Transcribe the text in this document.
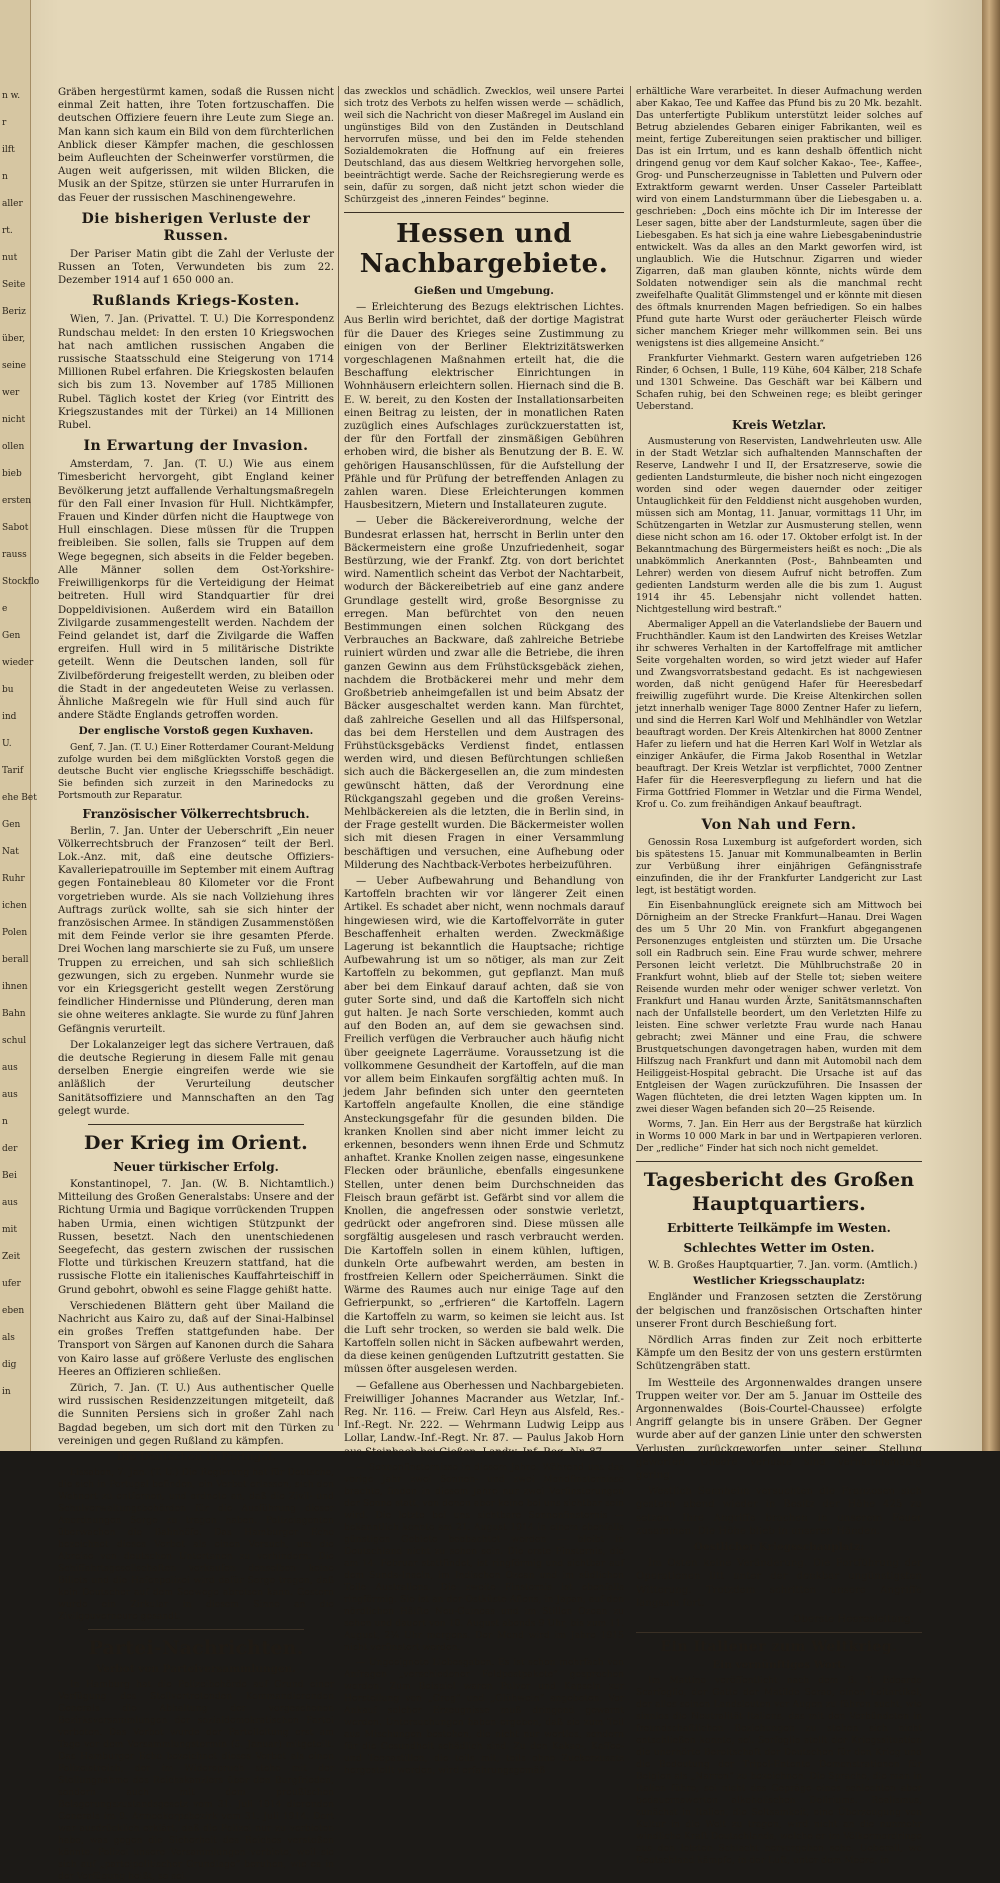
n w.
r
ilft
n
aller
rt.
nut
Seite
Beriz
über,
seine
wer
nicht
ollen
bieb
ersten
Sabot
rauss
Stockflo
e
Gen
wieder
bu
ind
U.
Tarif
ehe Bet
Gen
Nat
Ruhr
ichen
Polen
berall
ihnen
Bahn
schul
aus
aus
n
der
Bei
aus
mit
Zeit
ufer
eben
als
dig
in

Gräben hergestürmt kamen, sodaß die Russen nicht einmal Zeit hatten, ihre Toten fortzuschaffen. Die deutschen Offiziere feuern ihre Leute zum Siege an. Man kann sich kaum ein Bild von dem fürchterlichen Anblick dieser Kämpfer machen, die geschlossen beim Aufleuchten der Scheinwerfer vorstürmen, die Augen weit aufgerissen, mit wilden Blicken, die Musik an der Spitze, stürzen sie unter Hurrarufen in das Feuer der russischen Maschinengewehre.

Die bisherigen Verluste der Russen.

Der Pariser Matin gibt die Zahl der Verluste der Russen an Toten, Verwundeten bis zum 22. Dezember 1914 auf 1 650 000 an.

Rußlands Kriegs-Kosten.

Wien, 7. Jan. (Privattel. T. U.) Die Korrespondenz Rundschau meldet: In den ersten 10 Kriegswochen hat nach amtlichen russischen Angaben die russische Staatsschuld eine Steigerung von 1714 Millionen Rubel erfahren. Die Kriegskosten belaufen sich bis zum 13. November auf 1785 Millionen Rubel. Täglich kostet der Krieg (vor Eintritt des Kriegszustandes mit der Türkei) an 14 Millionen Rubel.

In Erwartung der Invasion.

Amsterdam, 7. Jan. (T. U.) Wie aus einem Timesbericht hervorgeht, gibt England keiner Bevölkerung jetzt auffallende Verhaltungsmaßregeln für den Fall einer Invasion für Hull. Nichtkämpfer, Frauen und Kinder dürfen nicht die Hauptwege von Hull einschlagen. Diese müssen für die Truppen freibleiben. Sie sollen, falls sie Truppen auf dem Wege begegnen, sich abseits in die Felder begeben. Alle Männer sollen dem Ost-Yorkshire-Freiwilligenkorps für die Verteidigung der Heimat beitreten. Hull wird Standquartier für drei Doppeldivisionen. Außerdem wird ein Bataillon Zivilgarde zusammengestellt werden. Nachdem der Feind gelandet ist, darf die Zivilgarde die Waffen ergreifen. Hull wird in 5 militärische Distrikte geteilt. Wenn die Deutschen landen, soll für Zivilbeförderung freigestellt werden, zu bleiben oder die Stadt in der angedeuteten Weise zu verlassen. Ähnliche Maßregeln wie für Hull sind auch für andere Städte Englands getroffen worden.

Der englische Vorstoß gegen Kuxhaven.

Genf, 7. Jan. (T. U.) Einer Rotterdamer Courant-Meldung zufolge wurden bei dem mißglückten Vorstoß gegen die deutsche Bucht vier englische Kriegsschiffe beschädigt. Sie befinden sich zurzeit in den Marinedocks zu Portsmouth zur Reparatur.

Französischer Völkerrechtsbruch.

Berlin, 7. Jan. Unter der Ueberschrift „Ein neuer Völkerrechtsbruch der Franzosen“ teilt der Berl. Lok.-Anz. mit, daß eine deutsche Offiziers-Kavalleriepatrouille im September mit einem Auftrag gegen Fontainebleau 80 Kilometer vor die Front vorgetrieben wurde. Als sie nach Vollziehung ihres Auftrags zurück wollte, sah sie sich hinter der französischen Armee. In ständigen Zusammenstößen mit dem Feinde verlor sie ihre gesamten Pferde. Drei Wochen lang marschierte sie zu Fuß, um unsere Truppen zu erreichen, und sah sich schließlich gezwungen, sich zu ergeben. Nunmehr wurde sie vor ein Kriegsgericht gestellt wegen Zerstörung feindlicher Hindernisse und Plünderung, deren man sie ohne weiteres anklagte. Sie wurde zu fünf Jahren Gefängnis verurteilt.

Der Lokalanzeiger legt das sichere Vertrauen, daß die deutsche Regierung in diesem Falle mit genau derselben Energie eingreifen werde wie sie anläßlich der Verurteilung deutscher Sanitätsoffiziere und Mannschaften an den Tag gelegt wurde.

Der Krieg im Orient.
Neuer türkischer Erfolg.

Konstantinopel, 7. Jan. (W. B. Nichtamtlich.) Mitteilung des Großen Generalstabs: Unsere and der Richtung Urmia und Bagique vorrückenden Truppen haben Urmia, einen wichtigen Stützpunkt der Russen, besetzt. Nach den unentschiedenen Seegefecht, das gestern zwischen der russischen Flotte und türkischen Kreuzern stattfand, hat die russische Flotte ein italienisches Kauffahrteischiff in Grund gebohrt, obwohl es seine Flagge gehißt hatte.

Verschiedenen Blättern geht über Mailand die Nachricht aus Kairo zu, daß auf der Sinai-Halbinsel ein großes Treffen stattgefunden habe. Der Transport von Särgen auf Kanonen durch die Sahara von Kairo lasse auf größere Verluste des englischen Heeres an Offizieren schließen.

Zürich, 7. Jan. (T. U.) Aus authentischer Quelle wird russischen Residenzzeitungen mitgeteilt, daß die Sunniten Persiens sich in großer Zahl nach Bagdad begeben, um sich dort mit den Türken zu vereinigen und gegen Rußland zu kämpfen.

Die Deutschen in Portugal.

Lissabon, 7. Jan. (T. U.) Die Regierung hat für Deutsche, die sich in Portugal befinden, ein Verbot erlassen, sich den Wohnort zu entfernen, und ordnete an, daß die Zivil- und Schulverwaltungsbehörden für die Ausführung dieser Anordnungen Sorge zu tragen haben. Polizeiagenten überwachen die Bahnhöfe. Das Hamburger Echo bezeichnet dieses Verbot als einen Versuch, um die Abreise von deutschen Untertanen zu verhindern. Die Schiffahrtsgesellschaften verkaufen denselben keine Billets und die Hafenpolizei wird dafür Sorge tragen, daß kein Deutscher auf dem Seewege abreisen kann. Gestern wurde ein Zirkular in diesem Sinne an die Zivilgouverneure gesandt.

Partei-Nachrichten.
Verbot von Parteiversammlungen.

In Hamburg hat die Polizeibehörde auf Grund einer Verfügung des Stellvertretenden Kommandierenden Generals die Abhaltung der vorgesehenen Bezirksversammlungen der sozialdemokratischen Partei verboten. Das Verbot wurde der Parteileitung erst am Tage vor dem Versammlungstermin (5. Januar) mitgeteilt. Das Hamburger Echo bezeichnet dieses Verbot als einen Polizeistreich, der im Widerspruch stehe mit der Stellungnahme des Reichskanzlers über den Burgfrieden, sondern auch mit dem preußischen Belagerungszustandsgesetz vom 31. Juli 1914 dierenden Generals im 9. Armeekorpsbezirk vom 31. Juli 1914. Dort war ausdrücklich erklärt, daß die Polizei nur zu verbieten habe, was gegen die Sicherheit des Reiches verstoßen könnte. Polizei unsere Versammlungen verbiete, weil sie sich auf „parteipolitischer Grundlage“ beruhen, wie es in der Verfügung heißt, so sei.

das zwecklos und schädlich. Zwecklos, weil unsere Partei sich trotz des Verbots zu helfen wissen werde — schädlich, weil sich die Nachricht von dieser Maßregel im Ausland ein ungünstiges Bild von den Zuständen in Deutschland hervorrufen müsse, und bei den im Felde stehenden Sozialdemokraten die Hoffnung auf ein freieres Deutschland, das aus diesem Weltkrieg hervorgehen solle, beeinträchtigt werde. Sache der Reichsregierung werde es sein, dafür zu sorgen, daß nicht jetzt schon wieder die Schürzgeist des „inneren Feindes“ beginne.

Hessen und Nachbargebiete.
Gießen und Umgebung.

— Erleichterung des Bezugs elektrischen Lichtes. Aus Berlin wird berichtet, daß der dortige Magistrat für die Dauer des Krieges seine Zustimmung zu einigen von der Berliner Elektrizitätswerken vorgeschlagenen Maßnahmen erteilt hat, die die Beschaffung elektrischer Einrichtungen in Wohnhäusern erleichtern sollen. Hiernach sind die B. E. W. bereit, zu den Kosten der Installationsarbeiten einen Beitrag zu leisten, der in monatlichen Raten zuzüglich eines Aufschlages zurückzuerstatten ist, der für den Fortfall der zinsmäßigen Gebühren erhoben wird, die bisher als Benutzung der B. E. W. gehörigen Hausanschlüssen, für die Aufstellung der Pfähle und für Prüfung der betreffenden Anlagen zu zahlen waren. Diese Erleichterungen kommen Hausbesitzern, Mietern und Installateuren zugute.

— Ueber die Bäckereiverordnung, welche der Bundesrat erlassen hat, herrscht in Berlin unter den Bäckermeistern eine große Unzufriedenheit, sogar Bestürzung, wie der Frankf. Ztg. von dort berichtet wird. Namentlich scheint das Verbot der Nachtarbeit, wodurch der Bäckereibetrieb auf eine ganz andere Grundlage gestellt wird, große Besorgnisse zu erregen. Man befürchtet von den neuen Bestimmungen einen solchen Rückgang des Verbrauches an Backware, daß zahlreiche Betriebe ruiniert würden und zwar alle die Betriebe, die ihren ganzen Gewinn aus dem Frühstücksgebäck ziehen, nachdem die Brotbäckerei mehr und mehr dem Großbetrieb anheimgefallen ist und beim Absatz der Bäcker ausgeschaltet werden kann. Man fürchtet, daß zahlreiche Gesellen und all das Hilfspersonal, das bei dem Herstellen und dem Austragen des Frühstücksgebäcks Verdienst findet, entlassen werden wird, und diesen Befürchtungen schließen sich auch die Bäckergesellen an, die zum mindesten gewünscht hätten, daß der Verordnung eine Rückgangszahl gegeben und die großen Vereins- Mehlbäckereien als die letzten, die in Berlin sind, in der Frage gestellt wurden. Die Bäckermeister wollen sich mit diesen Fragen in einer Versammlung beschäftigen und versuchen, eine Aufhebung oder Milderung des Nachtback-Verbotes herbeizuführen.

— Ueber Aufbewahrung und Behandlung von Kartoffeln brachten wir vor längerer Zeit einen Artikel. Es schadet aber nicht, wenn nochmals darauf hingewiesen wird, wie die Kartoffelvorräte in guter Beschaffenheit erhalten werden. Zweckmäßige Lagerung ist bekanntlich die Hauptsache; richtige Aufbewahrung ist um so nötiger, als man zur Zeit Kartoffeln zu bekommen, gut gepflanzt. Man muß aber bei dem Einkauf darauf achten, daß sie von guter Sorte sind, und daß die Kartoffeln sich nicht gut halten. Je nach Sorte verschieden, kommt auch auf den Boden an, auf dem sie gewachsen sind. Freilich verfügen die Verbraucher auch häufig nicht über geeignete Lagerräume. Voraussetzung ist die vollkommene Gesundheit der Kartoffeln, auf die man vor allem beim Einkaufen sorgfältig achten muß. In jedem Jahr befinden sich unter den geernteten Kartoffeln angefaulte Knollen, die eine ständige Ansteckungsgefahr für die gesunden bilden. Die kranken Knollen sind aber nicht immer leicht zu erkennen, besonders wenn ihnen Erde und Schmutz anhaftet. Kranke Knollen zeigen nasse, eingesunkene Flecken oder bräunliche, ebenfalls eingesunkene Stellen, unter denen beim Durchschneiden das Fleisch braun gefärbt ist. Gefärbt sind vor allem die Knollen, die angefressen oder sonstwie verletzt, gedrückt oder angefroren sind. Diese müssen alle sorgfältig ausgelesen und rasch verbraucht werden. Die Kartoffeln sollen in einem kühlen, luftigen, dunkeln Orte aufbewahrt werden, am besten in frostfreien Kellern oder Speicherräumen. Sinkt die Wärme des Raumes auch nur einige Tage auf den Gefrierpunkt, so „erfrieren“ die Kartoffeln. Lagern die Kartoffeln zu warm, so keimen sie leicht aus. Ist die Luft sehr trocken, so werden sie bald welk. Die Kartoffeln sollen nicht in Säcken aufbewahrt werden, da diese keinen genügenden Luftzutritt gestatten. Sie müssen öfter ausgelesen werden.

— Gefallene aus Oberhessen und Nachbargebieten. Freiwilliger Johannes Macrander aus Wetzlar, Inf.-Reg. Nr. 116. — Freiw. Carl Heyn aus Alsfeld, Res.-Inf.-Regt. Nr. 222. — Wehrmann Ludwig Leipp aus Lollar, Landw.-Inf.-Regt. Nr. 87. — Paulus Jakob Horn aus Steinbach bei Gießen, Landw.-Inf.-Reg. Nr. 87.

— Sonnenfinsternisse in diesem Jahre. Während uns das vorige Jahr zwei Sonnen- und zwei Mondfinsternisse brachte, finden in diesem Jahre nur zwei Verfinsterungen der Sonne statt, von denen aber keine bei uns sichtbar sein wird. Die letzte bei uns sichtbare Sonnenfinsternis — bekanntlich konnte am 21. August 1914 in einem ebenfalls günstigen Gebiete beobachtet werden — bleibt in Deutschland nicht zu sehen sein. Die erste Finsternis, die am 14. Februar stattfindet, ist ringförmig und sichtbar auf dem Sunda-Inseln, im Indischen Ozean und im südlichen Teile Australiens. Die zweite Finsternis ist ebenfalls ringförmig. Sie ist an der Ostküste Afiens, in Japan, auf den nördlichen Hälfte Neu-Guineas und im Stillen Ozean zu sehen und dauert von 10. August abends 9 Uhr, bis zum 11. August, 2¾ Uhr morgens. Der Mond wird im Jahre 1915 nicht verfinstert werden.

— Ungeeignete Liebesgaben. Es ist schon mehrfach von Anfragen „verschiedener Feldpostpakete“ gesprochen worden. Zum Beispiel waren Pulver und Kapseln zur Herstellung von „Grog“ und „Glühwein“ angeboten. Vor Ankauf solcher Erzeugnisse muß dringend gewarnt werden. Untersuchungen haben ergeben, daß sie zum Teil aus Mischungen bestehen, die nicht nur wertlos, sondern für die Gesundheit schädlich sind. Zu den Kakao-, Kaffee- und Teepastillen, die teils mit, teils ohne Zuckerzusatz hergestellt werden, wird erfahrungsgemäß

erhältliche Ware verarbeitet. In dieser Aufmachung werden aber Kakao, Tee und Kaffee das Pfund bis zu 20 Mk. bezahlt. Das unterfertigte Publikum unterstützt leider solches auf Betrug abzielendes Gebaren einiger Fabrikanten, weil es meint, fertige Zubereitungen seien praktischer und billiger. Das ist ein Irrtum, und es kann deshalb öffentlich nicht dringend genug vor dem Kauf solcher Kakao-, Tee-, Kaffee-, Grog- und Punscherzeugnisse in Tabletten und Pulvern oder Extraktform gewarnt werden. Unser Casseler Parteiblatt wird von einem Landsturmmann über die Liebesgaben u. a. geschrieben: „Doch eins möchte ich Dir im Interesse der Leser sagen, bitte aber der Landsturmleute, sagen über die Liebesgaben. Es hat sich ja eine wahre Liebesgabenindustrie entwickelt. Was da alles an den Markt geworfen wird, ist unglaublich. Wie die Hutschnur. Zigarren und wieder Zigarren, daß man glauben könnte, nichts würde dem Soldaten notwendiger sein als die manchmal recht zweifelhafte Qualität Glimmstengel und er könnte mit diesen des öftmals knurrenden Magen befriedigen. So ein halbes Pfund gute harte Wurst oder geräucherter Fleisch würde sicher manchem Krieger mehr willkommen sein. Bei uns wenigstens ist dies allgemeine Ansicht.“

Frankfurter Viehmarkt. Gestern waren aufgetrieben 126 Rinder, 6 Ochsen, 1 Bulle, 119 Kühe, 604 Kälber, 218 Schafe und 1301 Schweine. Das Geschäft war bei Kälbern und Schafen ruhig, bei den Schweinen rege; es bleibt geringer Ueberstand.

Kreis Wetzlar.

Ausmusterung von Reservisten, Landwehrleuten usw. Alle in der Stadt Wetzlar sich aufhaltenden Mannschaften der Reserve, Landwehr I und II, der Ersatzreserve, sowie die gedienten Landsturmleute, die bisher noch nicht eingezogen worden sind oder wegen dauernder oder zeitiger Untauglichkeit für den Felddienst nicht ausgehoben wurden, müssen sich am Montag, 11. Januar, vormittags 11 Uhr, im Schützengarten in Wetzlar zur Ausmusterung stellen, wenn diese nicht schon am 16. oder 17. Oktober erfolgt ist. In der Bekanntmachung des Bürgermeisters heißt es noch: „Die als unabkömmlich Anerkannten (Post-, Bahnbeamten und Lehrer) werden von diesem Aufruf nicht betroffen. Zum gedienten Landsturm werden alle die bis zum 1. August 1914 ihr 45. Lebensjahr nicht vollendet hatten. Nichtgestellung wird bestraft.“

Abermaliger Appell an die Vaterlandsliebe der Bauern und Fruchthändler. Kaum ist den Landwirten des Kreises Wetzlar ihr schweres Verhalten in der Kartoffelfrage mit amtlicher Seite vorgehalten worden, so wird jetzt wieder auf Hafer und Zwangsvorratsbestand gedacht. Es ist nachgewiesen worden, daß nicht genügend Hafer für Heeresbedarf freiwillig zugeführt wurde. Die Kreise Altenkirchen sollen jetzt innerhalb weniger Tage 8000 Zentner Hafer zu liefern, und sind die Herren Karl Wolf und Mehlhändler von Wetzlar beauftragt worden. Der Kreis Altenkirchen hat 8000 Zentner Hafer zu liefern und hat die Herren Karl Wolf in Wetzlar als einziger Ankäufer, die Firma Jakob Rosenthal in Wetzlar beauftragt. Der Kreis Wetzlar ist verpflichtet, 7000 Zentner Hafer für die Heeresverpflegung zu liefern und hat die Firma Gottfried Flommer in Wetzlar und die Firma Wendel, Krof u. Co. zum freihändigen Ankauf beauftragt.

Von Nah und Fern.

Genossin Rosa Luxemburg ist aufgefordert worden, sich bis spätestens 15. Januar mit Kommunalbeamten in Berlin zur Verbüßung ihrer einjährigen Gefängnisstrafe einzufinden, die ihr der Frankfurter Landgericht zur Last legt, ist bestätigt worden.

Ein Eisenbahnunglück ereignete sich am Mittwoch bei Dörnigheim an der Strecke Frankfurt—Hanau. Drei Wagen des um 5 Uhr 20 Min. von Frankfurt abgegangenen Personenzuges entgleisten und stürzten um. Die Ursache soll ein Radbruch sein. Eine Frau wurde schwer, mehrere Personen leicht verletzt. Die Mühlbruchstraße 20 in Frankfurt wohnt, blieb auf der Stelle tot; sieben weitere Reisende wurden mehr oder weniger schwer verletzt. Von Frankfurt und Hanau wurden Ärzte, Sanitätsmannschaften nach der Unfallstelle beordert, um den Verletzten Hilfe zu leisten. Eine schwer verletzte Frau wurde nach Hanau gebracht; zwei Männer und eine Frau, die schwere Brustquetschungen davongetragen haben, wurden mit dem Hilfszug nach Frankfurt und dann mit Automobil nach dem Heiliggeist-Hospital gebracht. Die Ursache ist auf das Entgleisen der Wagen zurückzuführen. Die Insassen der Wagen flüchteten, die drei letzten Wagen kippten um. In zwei dieser Wagen befanden sich 20—25 Reisende.

Worms, 7. Jan. Ein Herr aus der Bergstraße hat kürzlich in Worms 10 000 Mark in bar und in Wertpapieren verloren. Der „redliche“ Finder hat sich noch nicht gemeldet.

Tagesbericht des Großen Hauptquartiers.
Erbitterte Teilkämpfe im Westen.
Schlechtes Wetter im Osten.

W. B. Großes Hauptquartier, 7. Jan. vorm. (Amtlich.)

Westlicher Kriegsschauplatz:

Engländer und Franzosen setzten die Zerstörung der belgischen und französischen Ortschaften hinter unserer Front durch Beschießung fort.

Nördlich Arras finden zur Zeit noch erbitterte Kämpfe um den Besitz der von uns gestern erstürmten Schützengräben statt.

Im Westteile des Argonnenwaldes drangen unsere Truppen weiter vor. Der am 5. Januar im Ostteile des Argonnenwaldes (Bois-Courtel-Chaussee) erfolgte Angriff gelangte bis in unsere Gräben. Der Gegner wurde aber auf der ganzen Linie unter den schwersten Verlusten zurückgeworfen unter seiner Stellung geworfen. Unsere Verluste sind verhältnismäßig gering.

Westlich Sennheim versuchten die Franzosen sich gestern abend wieder in Besitz der Höhe 425 zu setzen. Ihre Angriffe brachen in unserem Feuer zusammen. Die Höhe blieb in unseren Händen.

Oestlicher Kriegsschauplatz:

Im Osten keine Veränderung. Die Fortführung der Operationen litt unter der denkbar ungünstigsten Witterung. Trotzdem schritten unsere Angriffe langsam fort.

Oberste Heeresleitung.
Ein Italiener zum Weltkrieg.
Ein vernünftiges Wort.

Im Mattino veröffentlicht nach dem B. T. Edoardo Scarfoglio, der Gatte der Matilde Serao, einen Leitartikel, der alles seinen Landsleuten vor Augen zu führen sucht, wie sinnlos die Neutralität Italiens, das mit den Verbündeten in freundschaftlichen Beziehungen zu stehen sich nicht entschließen konnte, sei. Sorfoglio stellt der Kriegssituation die unerhörte Bereitschaft der Deutschen für den Krieg und die Bedeutung der Tripel-Entente Demonstrationen für Belgien als „Narren“ zu bezeichnen. Die Sprache, die man in Italien führe, sei nicht das Gepräge eines schlechten aber bedauernswerten alkoholischen Deliriums. Realismus, zunächst in Italien, die Seltsamkeit, eine Überzeugung von Kultur in die Welt zu tragen, wird nicht an die nunmehr windliche Kraft Deutschlands, welche er im Völkermordringe aus den letzten Schlacht hervorgehen sehe. Ueberall, wo Deutschland kämpfe, in der Luft, unter dem Meere, in
